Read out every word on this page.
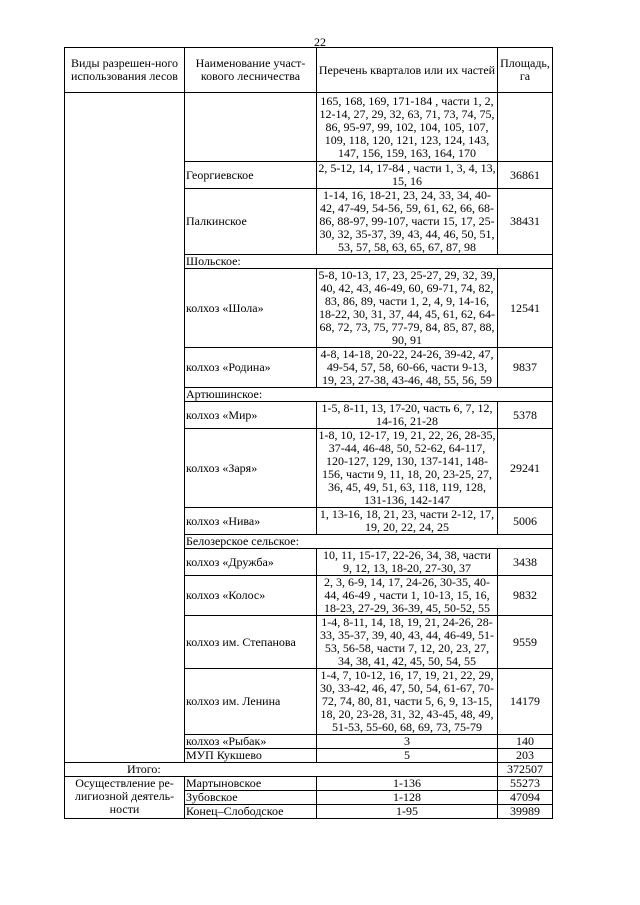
22
Виды разрешен-ного использования лесов	Наименование участ-кового лесничества	Перечень кварталов или их частей	Площадь, га
		165, 168, 169, 171-184 , части 1, 2, 12-14, 27, 29, 32, 63, 71, 73, 74, 75, 86, 95-97, 99, 102, 104, 105, 107, 109, 118, 120, 121, 123, 124, 143, 147, 156, 159, 163, 164, 170	
	Георгиевское	2, 5-12, 14, 17-84 , части 1, 3, 4, 13, 15, 16	36861
	Палкинское	1-14, 16, 18-21, 23, 24, 33, 34, 40-42, 47-49, 54-56, 59, 61, 62, 66, 68-86, 88-97, 99-107, части 15, 17, 25-30, 32, 35-37, 39, 43, 44, 46, 50, 51, 53, 57, 58, 63, 65, 67, 87, 98	38431
	Шольское:		
	колхоз «Шола»	5-8, 10-13, 17, 23, 25-27, 29, 32, 39, 40, 42, 43, 46-49, 60, 69-71, 74, 82, 83, 86, 89, части 1, 2, 4, 9, 14-16, 18-22, 30, 31, 37, 44, 45, 61, 62, 64-68, 72, 73, 75, 77-79, 84, 85, 87, 88, 90, 91	12541
	колхоз «Родина»	4-8, 14-18, 20-22, 24-26, 39-42, 47, 49-54, 57, 58, 60-66, части 9-13, 19, 23, 27-38, 43-46, 48, 55, 56, 59	9837
	Артюшинское:		
	колхоз «Мир»	1-5, 8-11, 13, 17-20, часть 6, 7, 12, 14-16, 21-28	5378
	колхоз «Заря»	1-8, 10, 12-17, 19, 21, 22, 26, 28-35, 37-44, 46-48, 50, 52-62, 64-117, 120-127, 129, 130, 137-141, 148-156, части 9, 11, 18, 20, 23-25, 27, 36, 45, 49, 51, 63, 118, 119, 128, 131-136, 142-147	29241
	колхоз «Нива»	1, 13-16, 18, 21, 23, части 2-12, 17, 19, 20, 22, 24, 25	5006
	Белозерское сельское:		
	колхоз «Дружба»	10, 11, 15-17, 22-26, 34, 38, части 9, 12, 13, 18-20, 27-30, 37	3438
	колхоз «Колос»	2, 3, 6-9, 14, 17, 24-26, 30-35, 40-44, 46-49 , части 1, 10-13, 15, 16, 18-23, 27-29, 36-39, 45, 50-52, 55	9832
	колхоз им. Степанова	1-4, 8-11, 14, 18, 19, 21, 24-26, 28-33, 35-37, 39, 40, 43, 44, 46-49, 51-53, 56-58, части 7, 12, 20, 23, 27, 34, 38, 41, 42, 45, 50, 54, 55	9559
	колхоз им. Ленина	1-4, 7, 10-12, 16, 17, 19, 21, 22, 29, 30, 33-42, 46, 47, 50, 54, 61-67, 70-72, 74, 80, 81, части 5, 6, 9, 13-15, 18, 20, 23-28, 31, 32, 43-45, 48, 49, 51-53, 55-60, 68, 69, 73, 75-79	14179
	колхоз «Рыбак»	3	140
	МУП Кукшево	5	203
Итого:			372507
Осуществление ре-лигиозной деятель-ности	Мартыновское	1-136	55273
	Зубовское	1-128	47094
	Конец–Слободское	1-95	39989
